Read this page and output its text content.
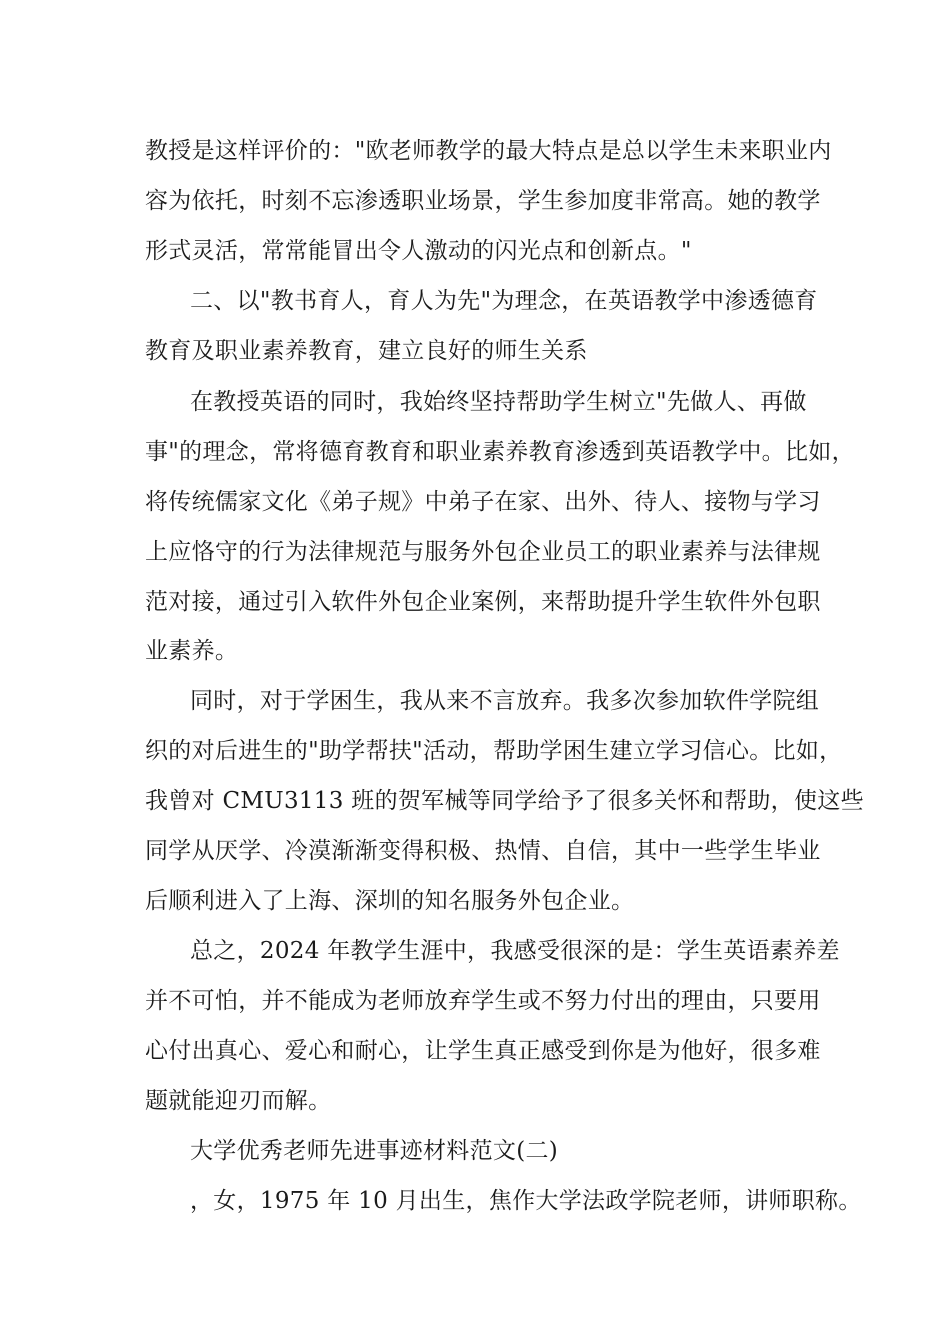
教授是这样评价的："欧老师教学的最大特点是总以学生未来职业内
容为依托，时刻不忘渗透职业场景，学生参加度非常高。她的教学
形式灵活，常常能冒出令人激动的闪光点和创新点。"
二、以"教书育人，育人为先"为理念，在英语教学中渗透德育
教育及职业素养教育，建立良好的师生关系
在教授英语的同时，我始终坚持帮助学生树立"先做人、再做
事"的理念，常将德育教育和职业素养教育渗透到英语教学中。比如，
将传统儒家文化《弟子规》中弟子在家、出外、待人、接物与学习
上应恪守的行为法律规范与服务外包企业员工的职业素养与法律规
范对接，通过引入软件外包企业案例，来帮助提升学生软件外包职
业素养。
同时，对于学困生，我从来不言放弃。我多次参加软件学院组
织的对后进生的"助学帮扶"活动，帮助学困生建立学习信心。比如，
我曾对 CMU3113 班的贺军械等同学给予了很多关怀和帮助，使这些
同学从厌学、冷漠渐渐变得积极、热情、自信，其中一些学生毕业
后顺利进入了上海、深圳的知名服务外包企业。
总之，2024 年教学生涯中，我感受很深的是：学生英语素养差
并不可怕，并不能成为老师放弃学生或不努力付出的理由，只要用
心付出真心、爱心和耐心，让学生真正感受到你是为他好，很多难
题就能迎刃而解。
大学优秀老师先进事迹材料范文(二)
，女，1975 年 10 月出生，焦作大学法政学院老师，讲师职称。
